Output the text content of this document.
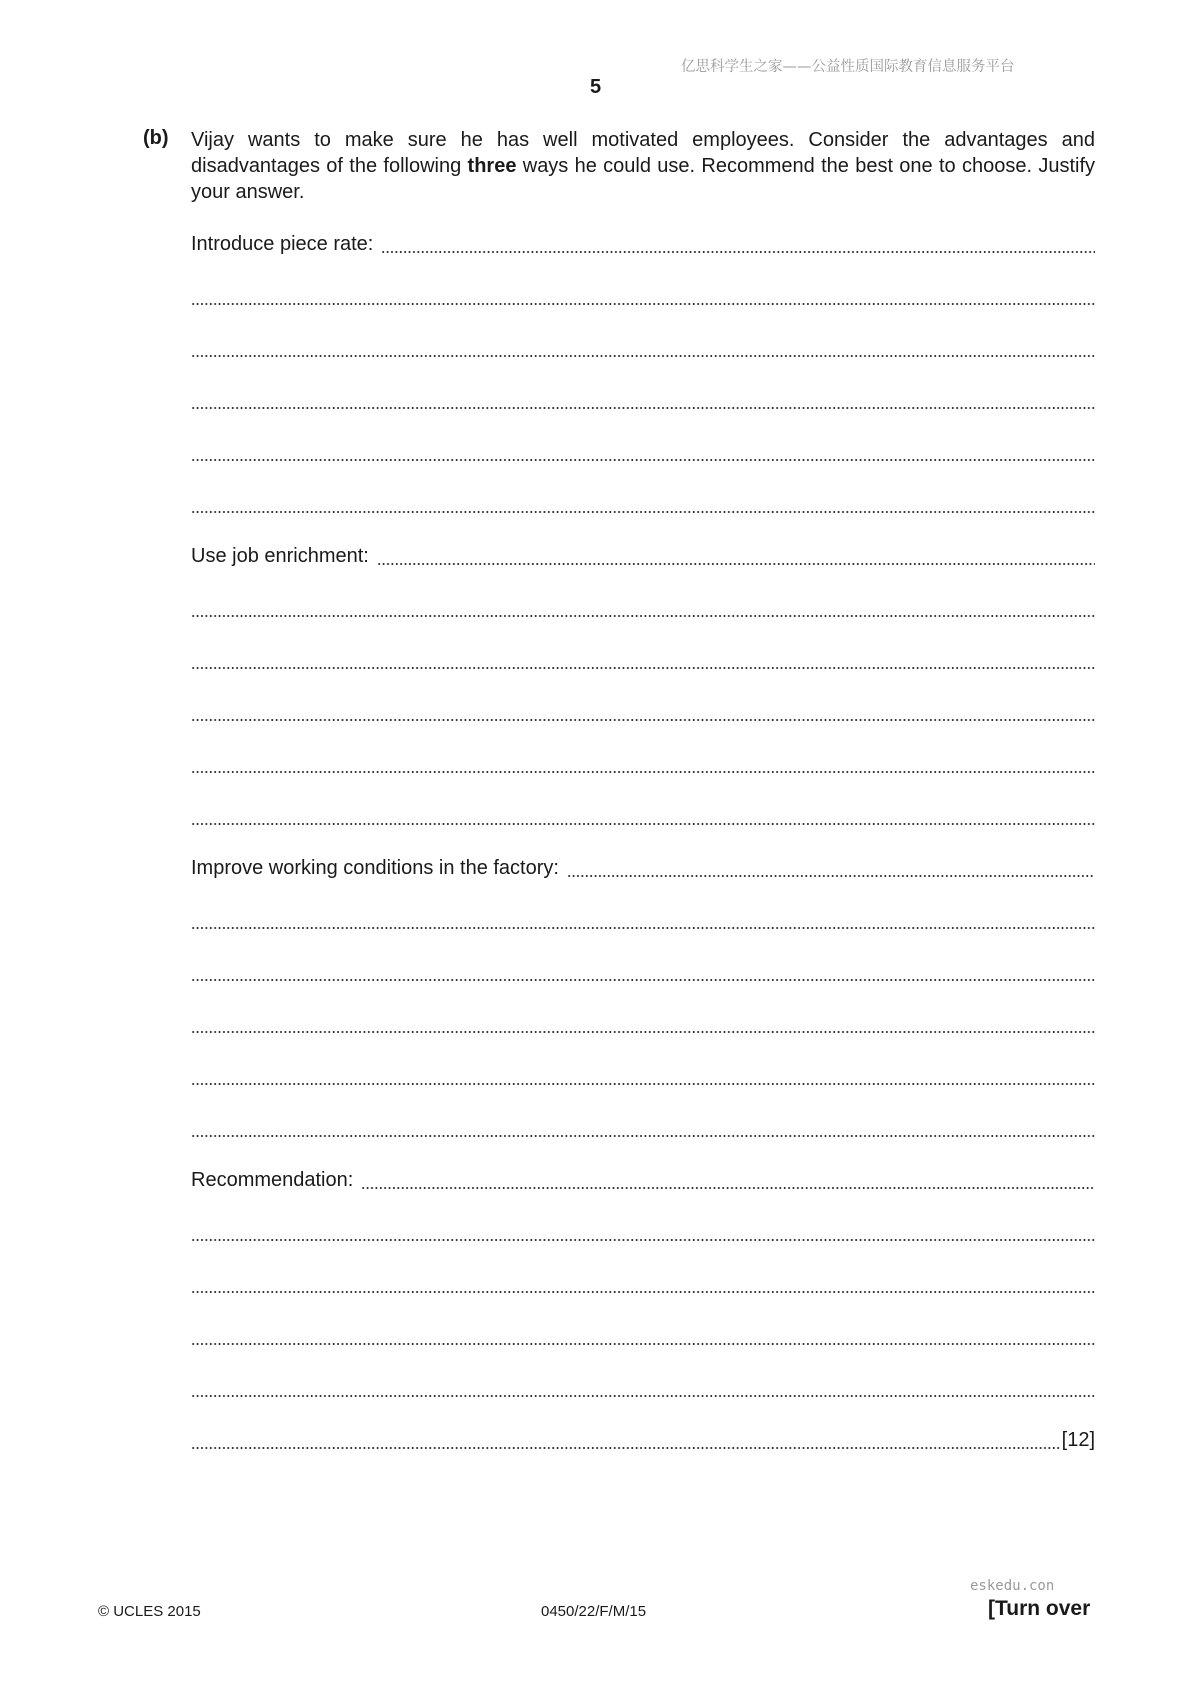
亿思科学生之家——公益性质国际教育信息服务平台
5
(b) Vijay wants to make sure he has well motivated employees. Consider the advantages and disadvantages of the following three ways he could use. Recommend the best one to choose. Justify your answer.
Introduce piece rate:
Use job enrichment:
Improve working conditions in the factory:
Recommendation:
[12]
© UCLES 2015	0450/22/F/M/15
eskedu.con
[Turn over
